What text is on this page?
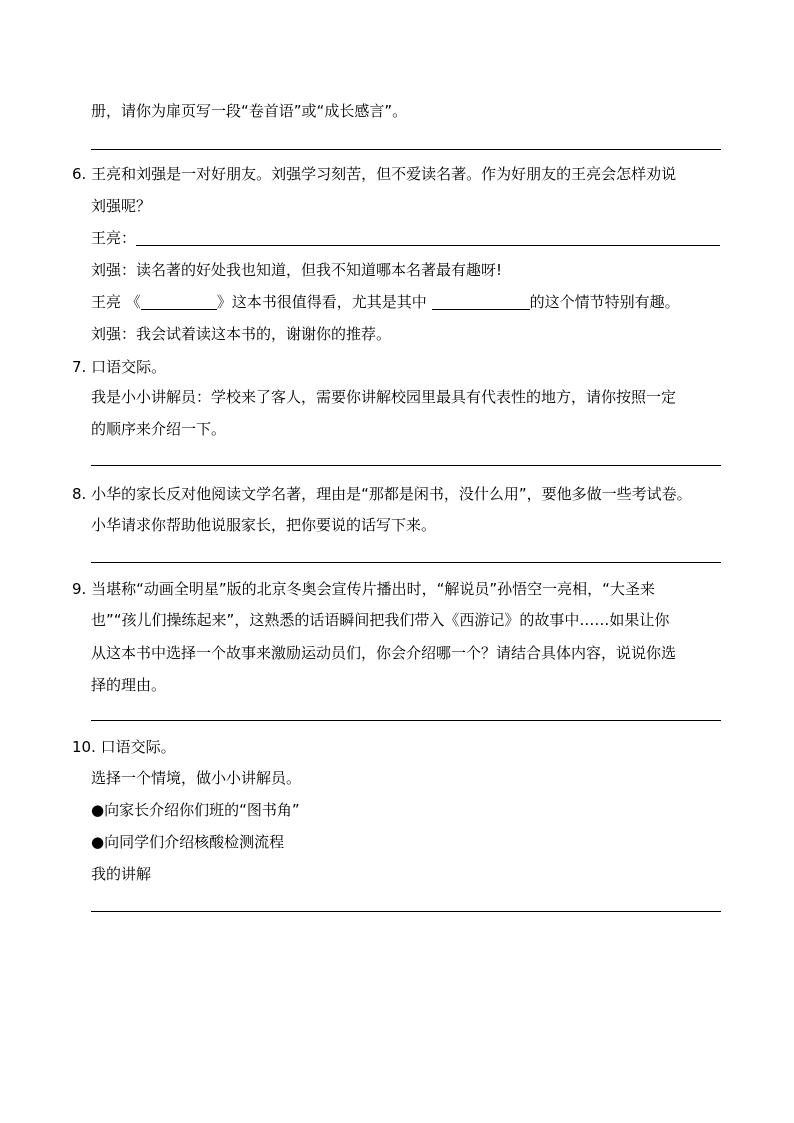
册，请你为扉页写一段“卷首语”或“成长感言”。
6. 王亮和刘强是一对好朋友。刘强学习刻苦，但不爱读名著。作为好朋友的王亮会怎样劝说
刘强呢？
王亮：
刘强：读名著的好处我也知道，但我不知道哪本名著最有趣呀!
王亮 《	》这本书很值得看，尤其是其中	的这个情节特别有趣。
刘强：我会试着读这本书的，谢谢你的推荐。
7. 口语交际。
我是小小讲解员：学校来了客人，需要你讲解校园里最具有代表性的地方，请你按照一定
的顺序来介绍一下。
8. 小华的家长反对他阅读文学名著，理由是“那都是闲书，没什么用”，要他多做一些考试卷。
小华请求你帮助他说服家长，把你要说的话写下来。
9. 当堪称“动画全明星”版的北京冬奥会宣传片播出时，“解说员”孙悟空一亮相，“大圣来
也”“孩儿们操练起来”，这熟悉的话语瞬间把我们带入《西游记》的故事中……如果让你
从这本书中选择一个故事来激励运动员们，你会介绍哪一个？请结合具体内容，说说你选
择的理由。
10. 口语交际。
选择一个情境，做小小讲解员。
●向家长介绍你们班的“图书角”
●向同学们介绍核酸检测流程
我的讲解
